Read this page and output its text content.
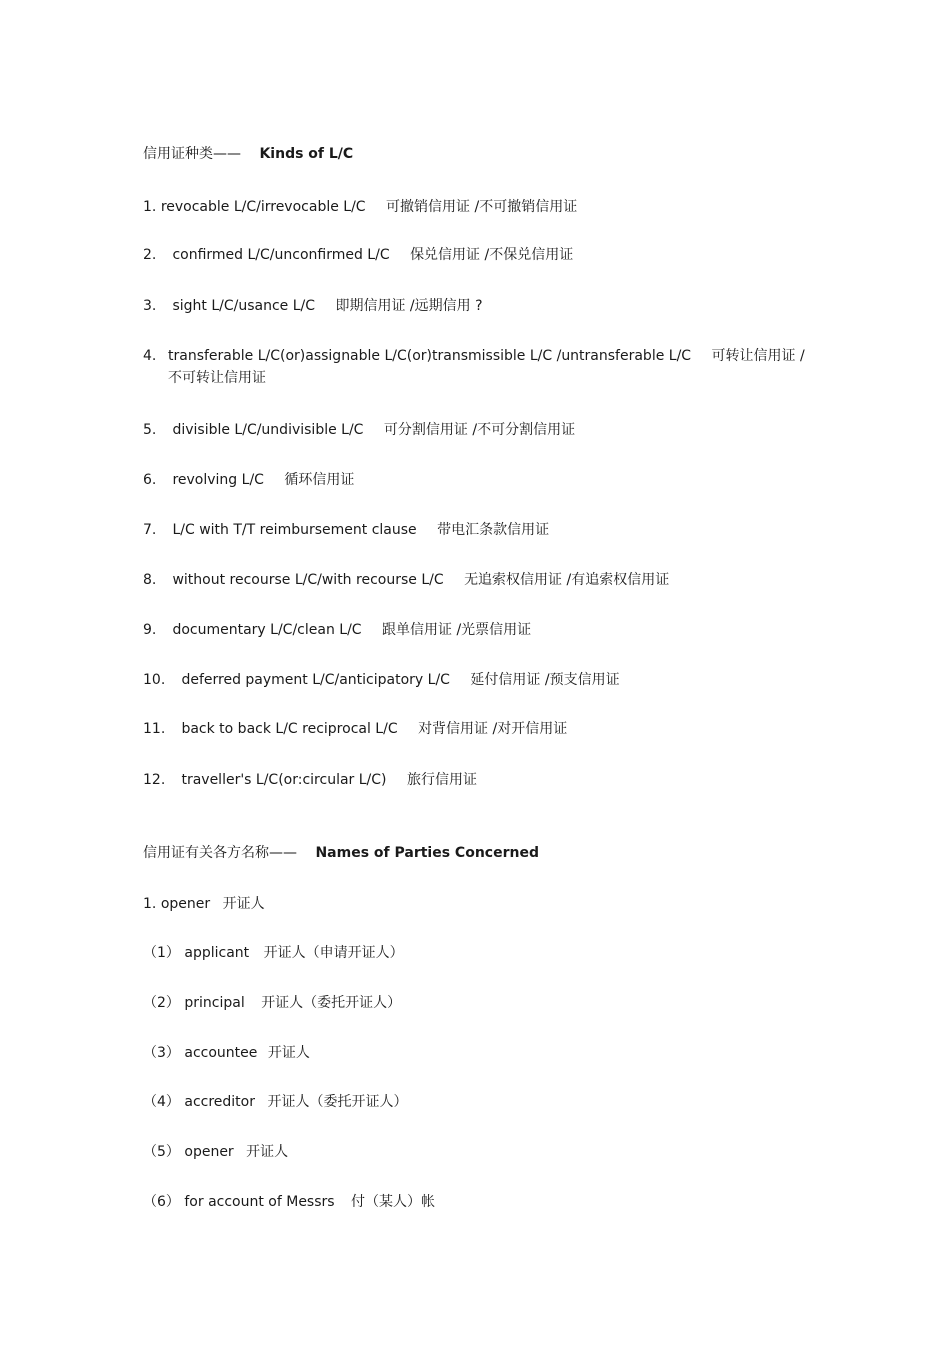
信用证种类—— Kinds of L/C
1. revocable L/C/irrevocable L/C 可撤销信用证 /不可撤销信用证
2. confirmed L/C/unconfirmed L/C 保兑信用证 /不保兑信用证
3. sight L/C/usance L/C 即期信用证 /远期信用 ?
4. transferable L/C(or)assignable L/C(or)transmissible L/C /untransferable L/C 可转让信用证 /
不可转让信用证
5. divisible L/C/undivisible L/C 可分割信用证 /不可分割信用证
6. revolving L/C 循环信用证
7. L/C with T/T reimbursement clause 带电汇条款信用证
8. without recourse L/C/with recourse L/C 无追索权信用证 /有追索权信用证
9. documentary L/C/clean L/C 跟单信用证 /光票信用证
10. deferred payment L/C/anticipatory L/C 延付信用证 /预支信用证
11. back to back L/C reciprocal L/C 对背信用证 /对开信用证
12. traveller's L/C(or:circular L/C) 旅行信用证
信用证有关各方名称—— Names of Parties Concerned
1. opener 开证人
（1） applicant 开证人（申请开证人）
（2） principal 开证人（委托开证人）
（3） accountee 开证人
（4） accreditor 开证人（委托开证人）
（5） opener 开证人
（6） for account of Messrs 付（某人）帐
